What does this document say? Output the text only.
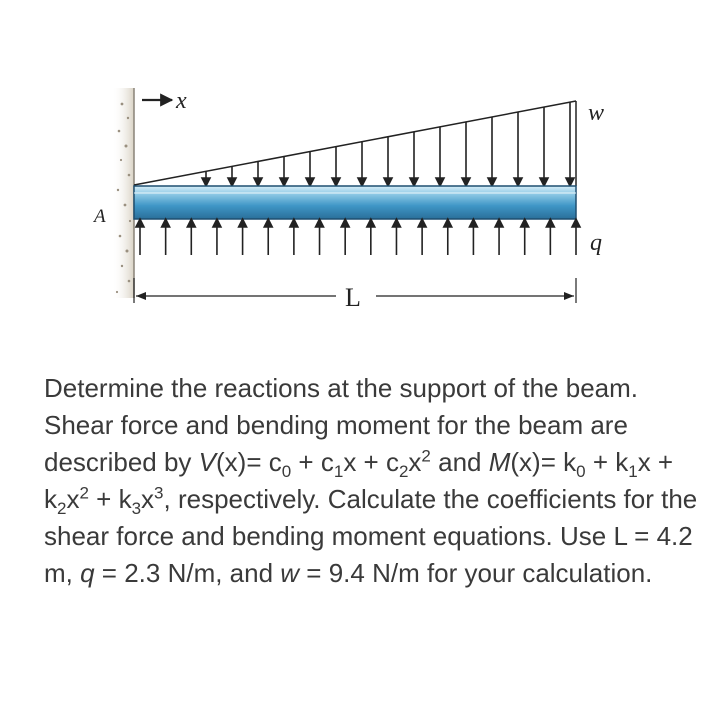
x	w
A
q
L

Determine the reactions at the support of the beam. Shear force and bending moment for the beam are described by $V(x)= c_0 + c_1x + c_2x^2$ and $M(x)= k_0 + k_1x + k_2x^2 + k_3x^3$, respectively. Calculate the coefficients for the shear force and bending moment equations. Use L = 4.2 m, q = 2.3 N/m, and w = 9.4 N/m for your calculation.
